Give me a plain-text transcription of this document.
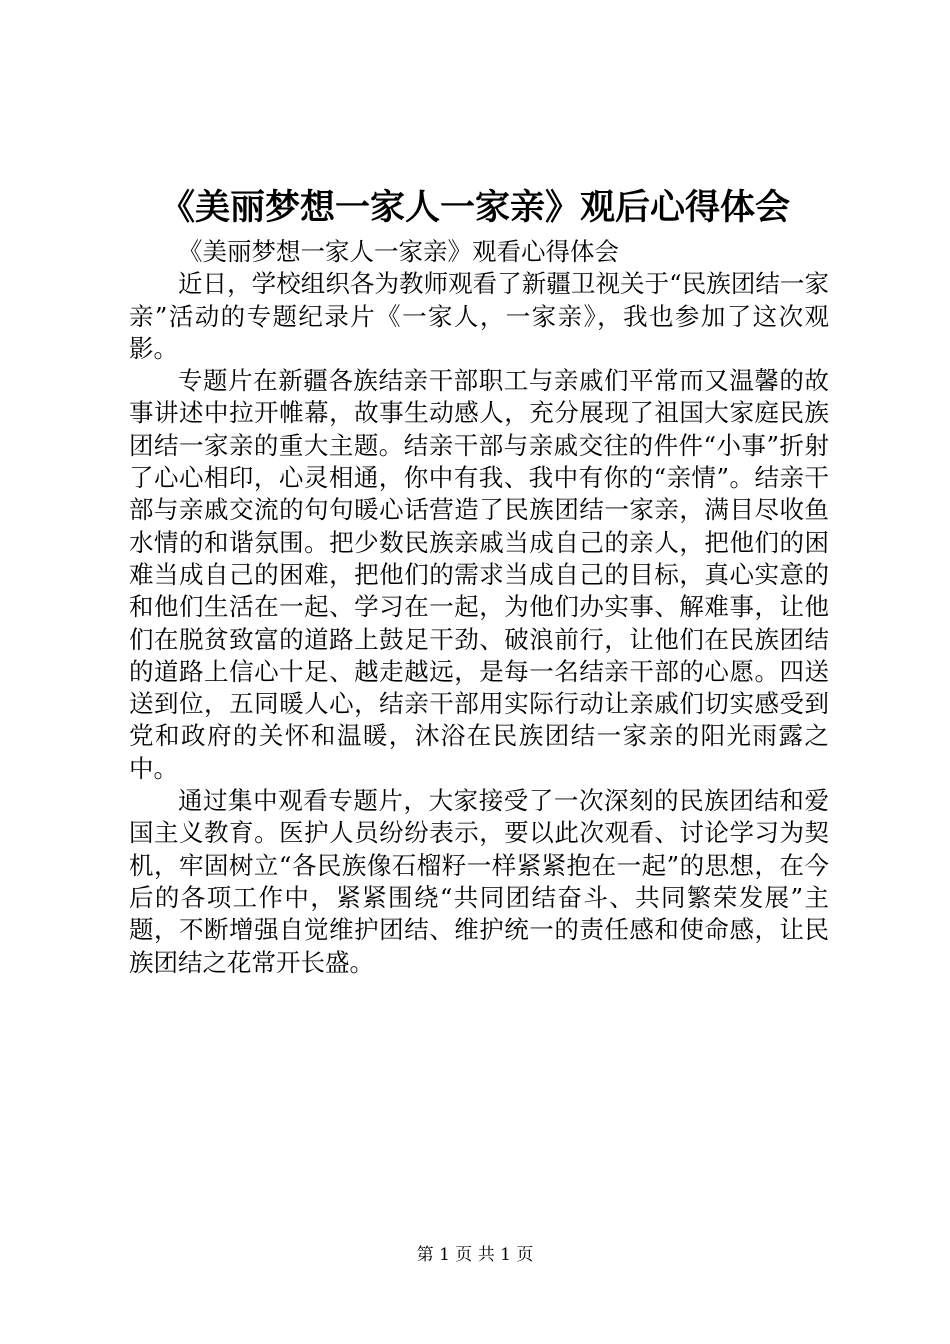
《美丽梦想一家人一家亲》观后心得体会

《美丽梦想一家人一家亲》观看心得体会

近日，学校组织各为教师观看了新疆卫视关于“民族团结一家亲”活动的专题纪录片《一家人，一家亲》，我也参加了这次观影。

专题片在新疆各族结亲干部职工与亲戚们平常而又温馨的故事讲述中拉开帷幕，故事生动感人，充分展现了祖国大家庭民族团结一家亲的重大主题。结亲干部与亲戚交往的件件“小事”折射了心心相印，心灵相通，你中有我、我中有你的“亲情”。结亲干部与亲戚交流的句句暖心话营造了民族团结一家亲，满目尽收鱼水情的和谐氛围。把少数民族亲戚当成自己的亲人，把他们的困难当成自己的困难，把他们的需求当成自己的目标，真心实意的和他们生活在一起、学习在一起，为他们办实事、解难事，让他们在脱贫致富的道路上鼓足干劲、破浪前行，让他们在民族团结的道路上信心十足、越走越远，是每一名结亲干部的心愿。四送送到位，五同暖人心，结亲干部用实际行动让亲戚们切实感受到党和政府的关怀和温暖，沐浴在民族团结一家亲的阳光雨露之中。

通过集中观看专题片，大家接受了一次深刻的民族团结和爱国主义教育。医护人员纷纷表示，要以此次观看、讨论学习为契机，牢固树立“各民族像石榴籽一样紧紧抱在一起”的思想，在今后的各项工作中，紧紧围绕“共同团结奋斗、共同繁荣发展”主题，不断增强自觉维护团结、维护统一的责任感和使命感，让民族团结之花常开长盛。

第 1 页 共 1 页
